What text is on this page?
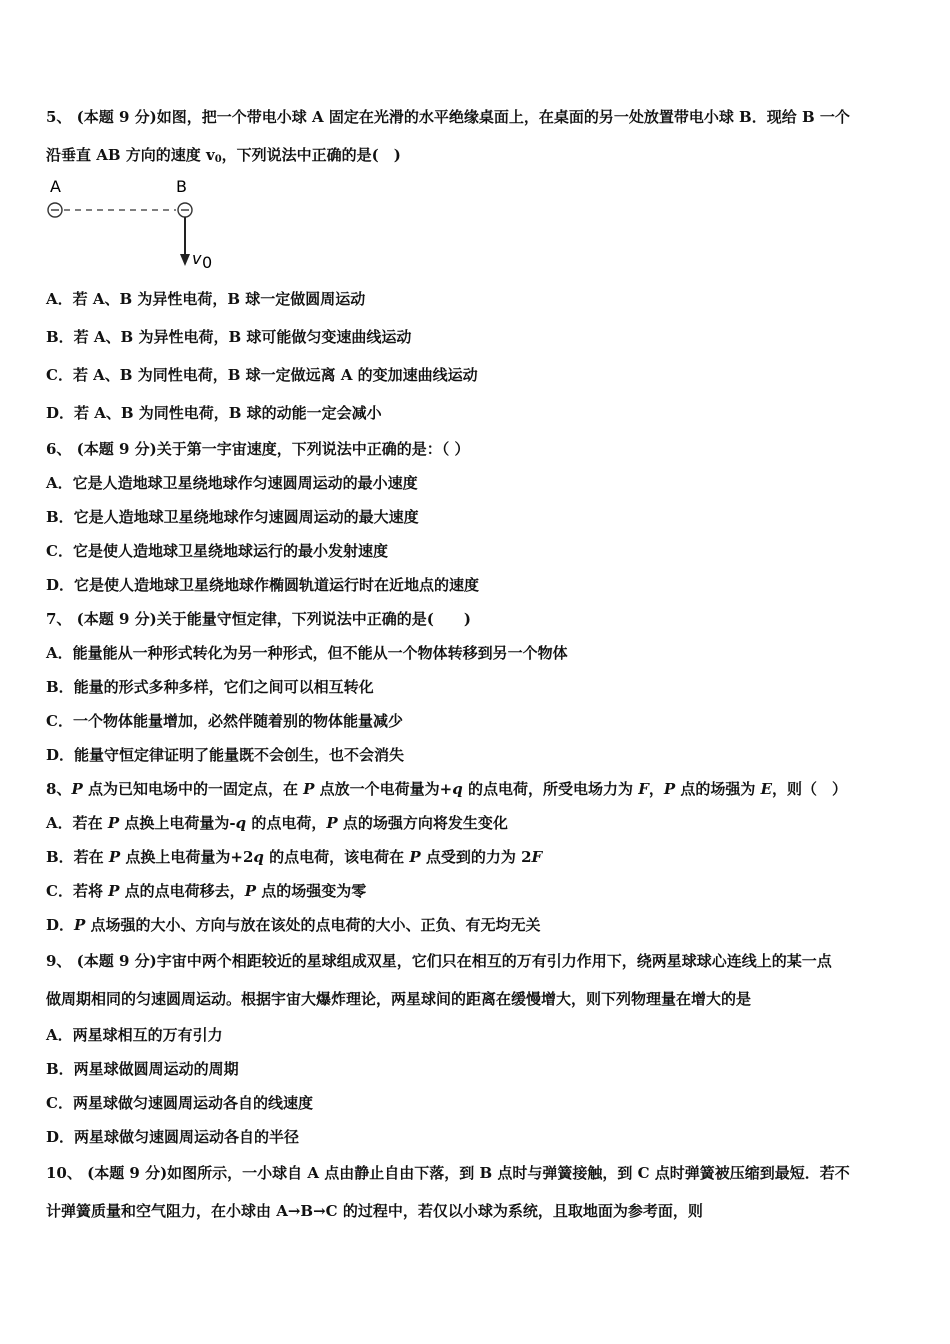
5、 (本题 9 分)如图，把一个带电小球 A 固定在光滑的水平绝缘桌面上，在桌面的另一处放置带电小球 B．现给 B 一个
沿垂直 AB 方向的速度 $v_0$，下列说法中正确的是(　)
A	B
v 0
A．若 A、B 为异性电荷，B 球一定做圆周运动
B．若 A、B 为异性电荷，B 球可能做匀变速曲线运动
C．若 A、B 为同性电荷，B 球一定做远离 A 的变加速曲线运动
D．若 A、B 为同性电荷，B 球的动能一定会减小
6、 (本题 9 分)关于第一宇宙速度，下列说法中正确的是：（ ）
A．它是人造地球卫星绕地球作匀速圆周运动的最小速度
B．它是人造地球卫星绕地球作匀速圆周运动的最大速度
C．它是使人造地球卫星绕地球运行的最小发射速度
D．它是使人造地球卫星绕地球作椭圆轨道运行时在近地点的速度
7、 (本题 9 分)关于能量守恒定律，下列说法中正确的是(　　)
A．能量能从一种形式转化为另一种形式，但不能从一个物体转移到另一个物体
B．能量的形式多种多样，它们之间可以相互转化
C．一个物体能量增加，必然伴随着别的物体能量减少
D．能量守恒定律证明了能量既不会创生，也不会消失
8、P 点为已知电场中的一固定点，在 P 点放一个电荷量为+q 的点电荷，所受电场力为 F，P 点的场强为 E，则（　）
A．若在 P 点换上电荷量为-q 的点电荷，P 点的场强方向将发生变化
B．若在 P 点换上电荷量为+2q 的点电荷，该电荷在 P 点受到的力为 2F
C．若将 P 点的点电荷移去，P 点的场强变为零
D．P 点场强的大小、方向与放在该处的点电荷的大小、正负、有无均无关
9、 (本题 9 分)宇宙中两个相距较近的星球组成双星，它们只在相互的万有引力作用下，绕两星球球心连线上的某一点
做周期相同的匀速圆周运动。根据宇宙大爆炸理论，两星球间的距离在缓慢增大，则下列物理量在增大的是
A．两星球相互的万有引力
B．两星球做圆周运动的周期
C．两星球做匀速圆周运动各自的线速度
D．两星球做匀速圆周运动各自的半径
10、 (本题 9 分)如图所示，一小球自 A 点由静止自由下落，到 B 点时与弹簧接触，到 C 点时弹簧被压缩到最短．若不
计弹簧质量和空气阻力，在小球由 A→B→C 的过程中，若仅以小球为系统，且取地面为参考面，则
